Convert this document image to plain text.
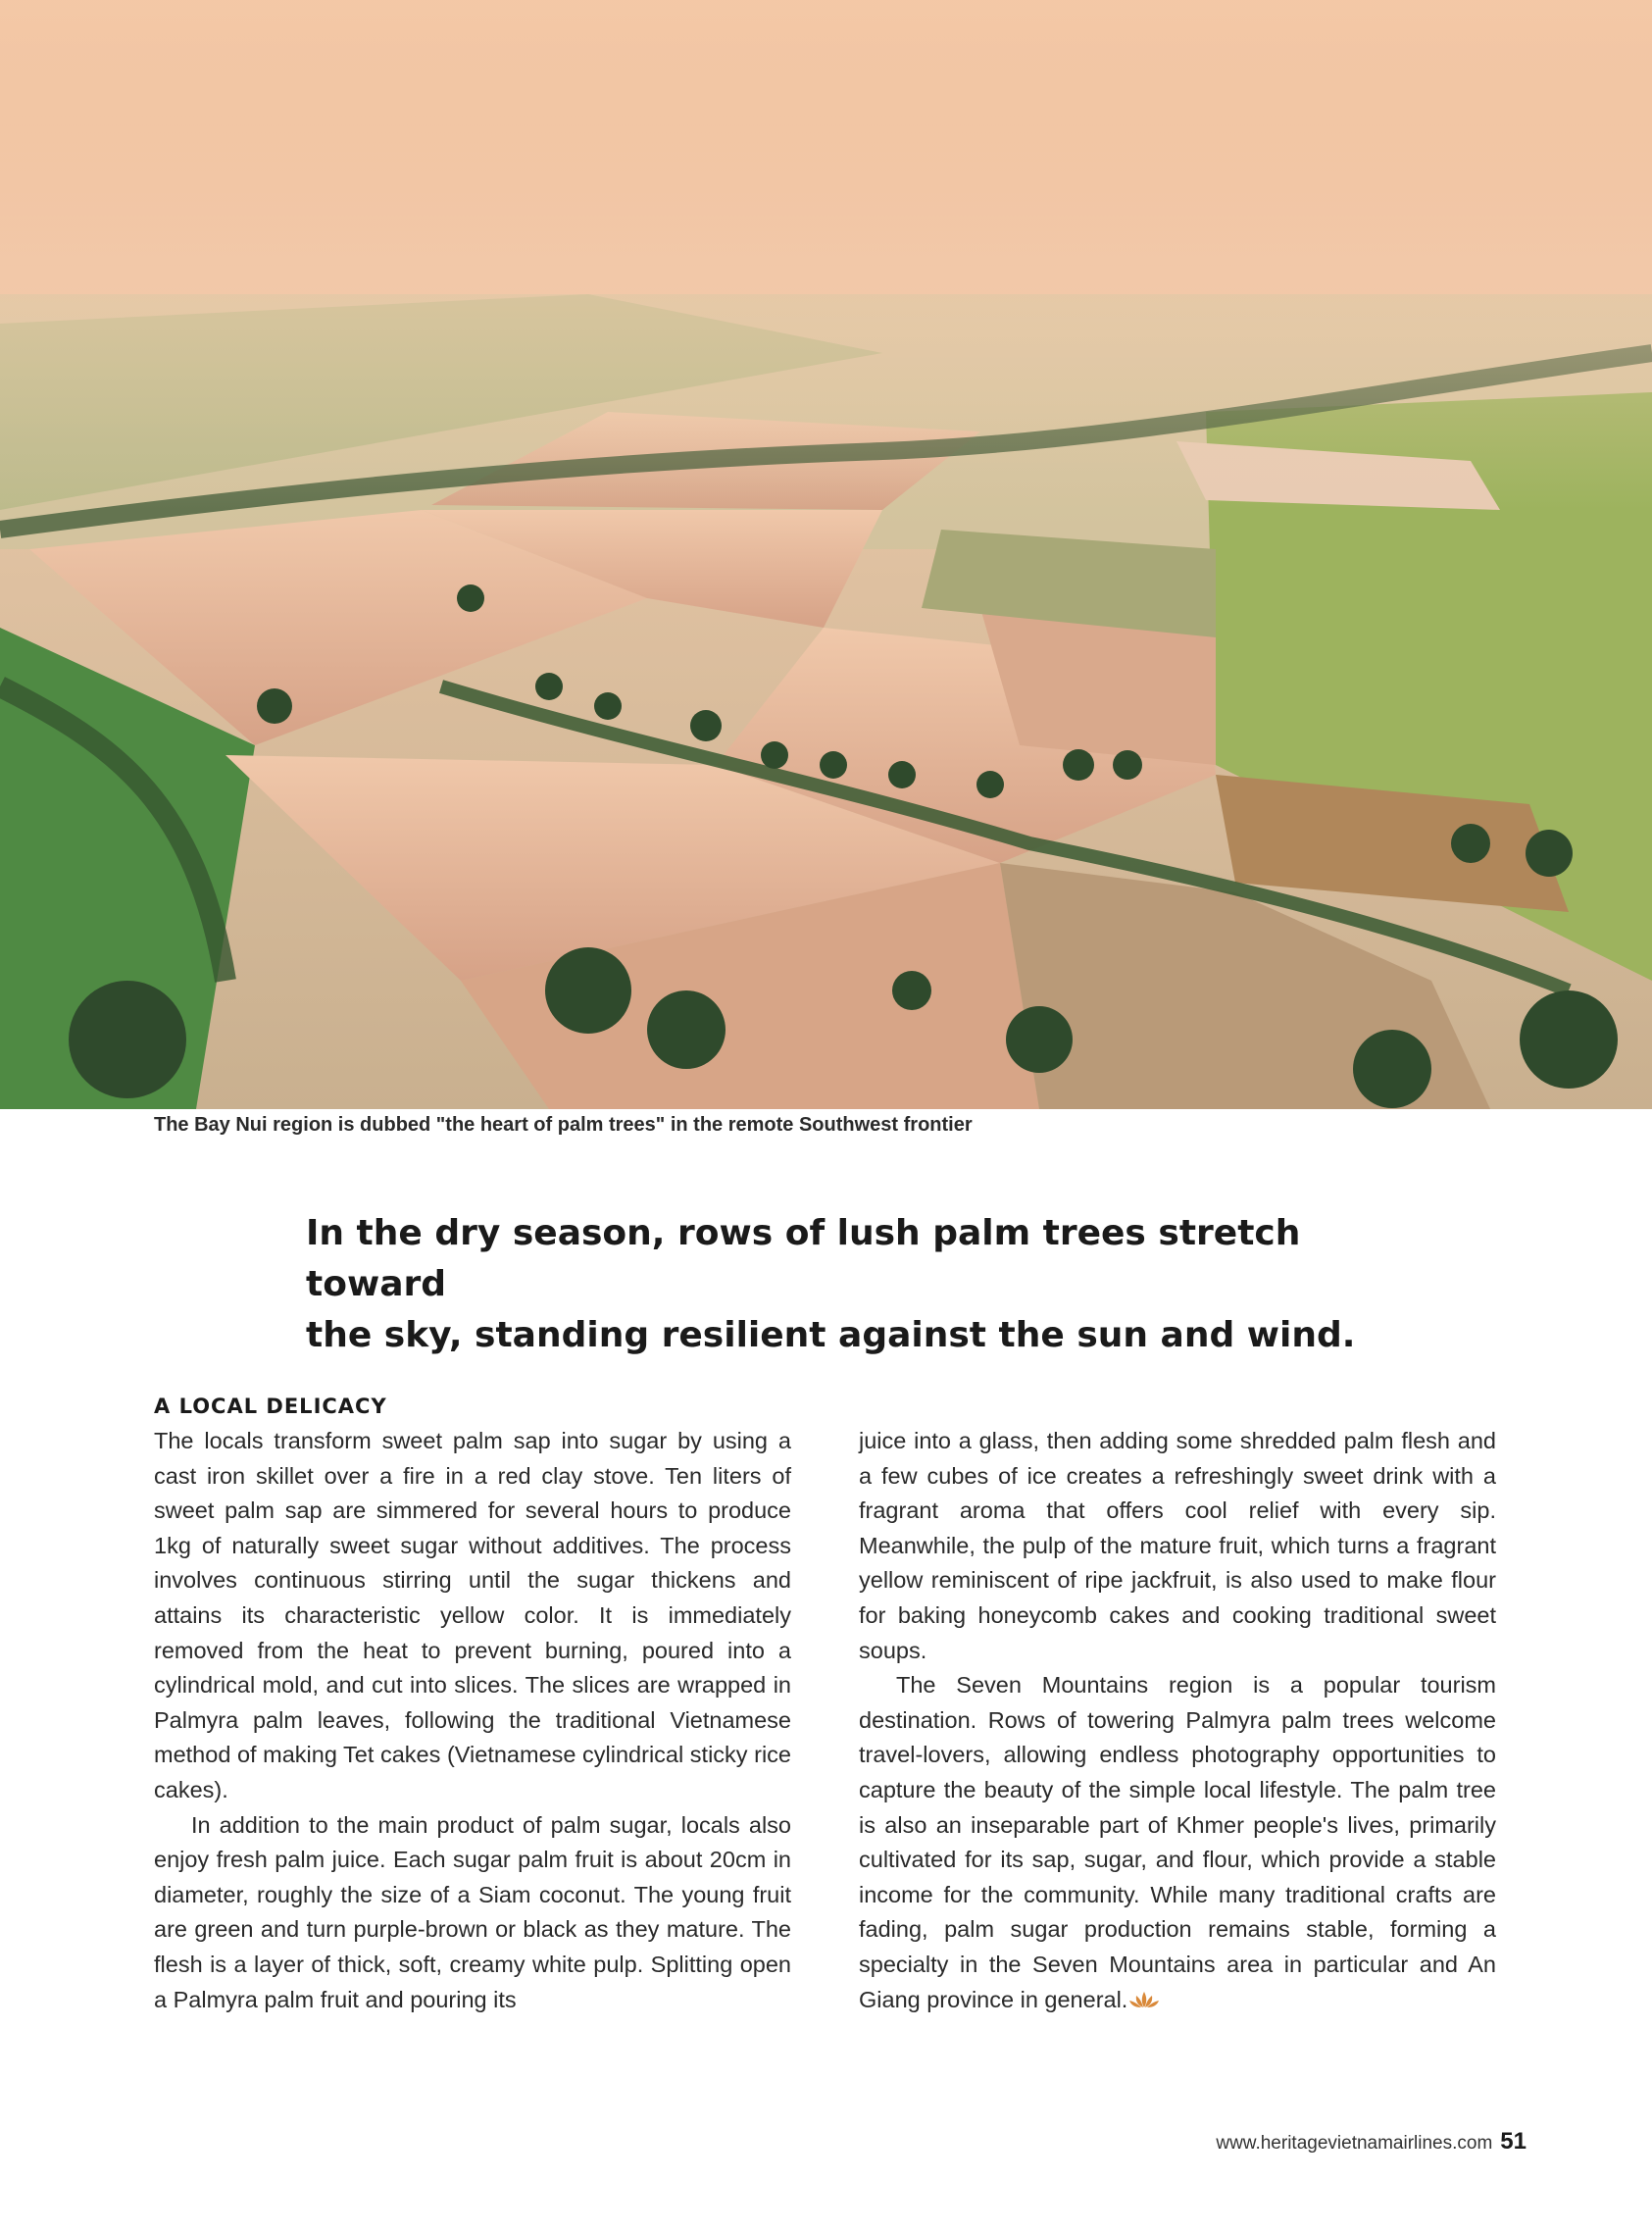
The Bay Nui region is dubbed "the heart of palm trees" in the remote Southwest frontier

In the dry season, rows of lush palm trees stretch toward
the sky, standing resilient against the sun and wind.

A LOCAL DELICACY

The locals transform sweet palm sap into sugar by using a cast iron skillet over a fire in a red clay stove. Ten liters of sweet palm sap are simmered for several hours to produce 1kg of naturally sweet sugar without additives. The process involves continuous stirring until the sugar thickens and attains its characteristic yellow color. It is immediately removed from the heat to prevent burning, poured into a cylindrical mold, and cut into slices. The slices are wrapped in Palmyra palm leaves, following the traditional Vietnamese method of making Tet cakes (Vietnamese cylindrical sticky rice cakes).

In addition to the main product of palm sugar, locals also enjoy fresh palm juice. Each sugar palm fruit is about 20cm in diameter, roughly the size of a Siam coconut. The young fruit are green and turn purple-brown or black as they mature. The flesh is a layer of thick, soft, creamy white pulp. Splitting open a Palmyra palm fruit and pouring its

juice into a glass, then adding some shredded palm flesh and a few cubes of ice creates a refreshingly sweet drink with a fragrant aroma that offers cool relief with every sip. Meanwhile, the pulp of the mature fruit, which turns a fragrant yellow reminiscent of ripe jackfruit, is also used to make flour for baking honeycomb cakes and cooking traditional sweet soups.

The Seven Mountains region is a popular tourism destination. Rows of towering Palmyra palm trees welcome travel-lovers, allowing endless photography opportunities to capture the beauty of the simple local lifestyle. The palm tree is also an inseparable part of Khmer people's lives, primarily cultivated for its sap, sugar, and flour, which provide a stable income for the community. While many traditional crafts are fading, palm sugar production remains stable, forming a specialty in the Seven Mountains area in particular and An Giang province in general.

www.heritagevietnamairlines.com 51
